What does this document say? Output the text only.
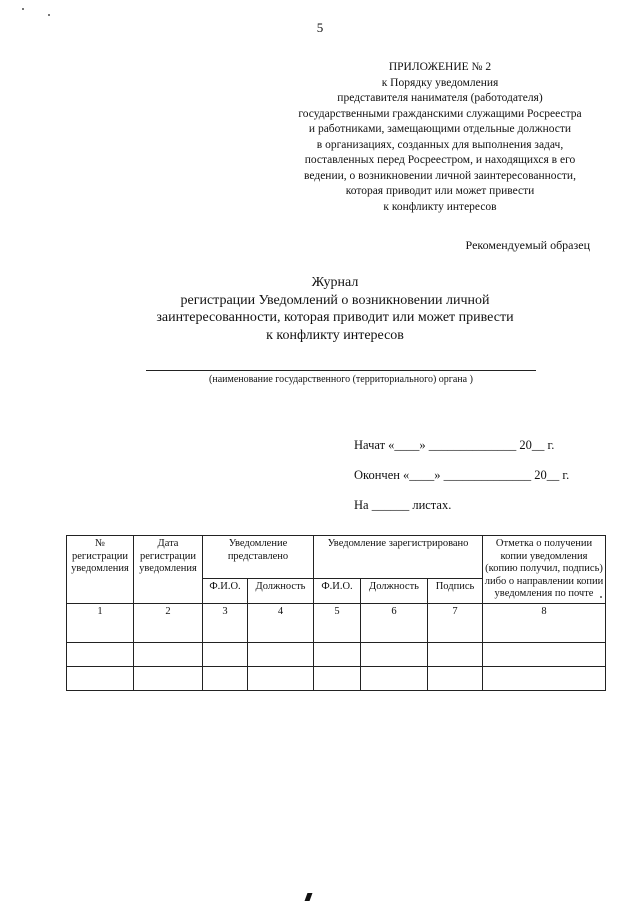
5
ПРИЛОЖЕНИЕ № 2
к Порядку уведомления
представителя нанимателя (работодателя)
государственными гражданскими служащими Росреестра
и работниками, замещающими отдельные должности
в организациях, созданных для выполнения задач,
поставленных перед Росреестром, и находящихся в его
ведении, о возникновении личной заинтересованности,
которая приводит или может привести
к конфликту интересов
Рекомендуемый образец
Журнал
регистрации Уведомлений о возникновении личной
заинтересованности, которая приводит или может привести
к конфликту интересов
(наименование государственного (территориального) органа )
Начат «____» ______________ 20__ г.
Окончен «____» ______________ 20__ г.
На ______ листах.
№ регистрации уведомления	Дата регистрации уведомления	Уведомление представлено		Уведомление зарегистрировано			Отметка о получении копии уведомления (копию получил, подпись) либо о направлении копии уведомления по почте
		Ф.И.О.	Должность	Ф.И.О.	Должность	Подпись	
1	2	3	4	5	6	7	8
